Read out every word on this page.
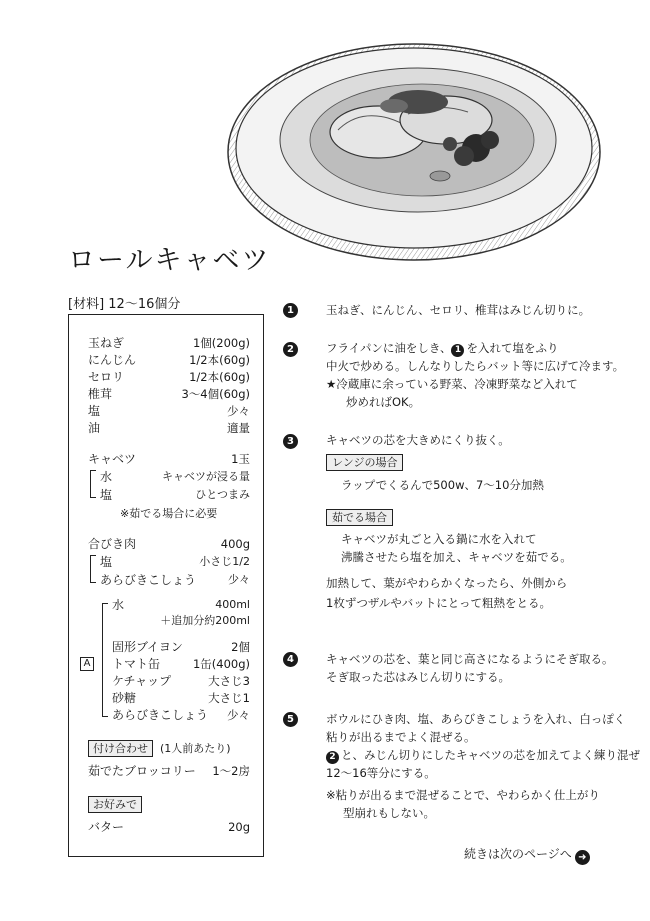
ロールキャベツ
[材料] 12～16個分
玉ねぎ	1個(200g)
にんじん	1/2本(60g)
セロリ	1/2本(60g)
椎茸	3～4個(60g)
塩	少々
油	適量
キャベツ	1玉
水	キャベツが浸る量
塩	ひとつまみ
※茹でる場合に必要
合びき肉	400g
塩	小さじ1/2
あらびきこしょう	少々
A
水	400ml
＋追加分約200ml
固形ブイヨン	2個
トマト缶	1缶(400g)
ケチャップ	大さじ3
砂糖	大さじ1
あらびきこしょう 少々
付け合わせ	(1人前あたり)
茹でたブロッコリー 1～2房
お好みで
バター	20g
1	玉ねぎ、にんじん、セロリ、椎茸はみじん切りに。
2	フライパンに油をしき、 1 を入れて塩をふり
中火で炒める。しんなりしたらバット等に広げて冷ます。
★冷蔵庫に余っている野菜、冷凍野菜など入れて
炒めればOK。
3	キャベツの芯を大きめにくり抜く。
レンジの場合
ラップでくるんで500w、7～10分加熱
茹でる場合
キャベツが丸ごと入る鍋に水を入れて
沸騰させたら塩を加え、キャベツを茹でる。
加熱して、葉がやわらかくなったら、外側から
1枚ずつザルやバットにとって粗熱をとる。
4	キャベツの芯を、葉と同じ高さになるようにそぎ取る。
そぎ取った芯はみじん切りにする。
5	ボウルにひき肉、塩、あらびきこしょうを入れ、白っぽく
粘りが出るまでよく混ぜる。
2 と、みじん切りにしたキャベツの芯を加えてよく練り混ぜ
12～16等分にする。
※粘りが出るまで混ぜることで、やわらかく仕上がり
型崩れもしない。
続きは次のページへ ➜
